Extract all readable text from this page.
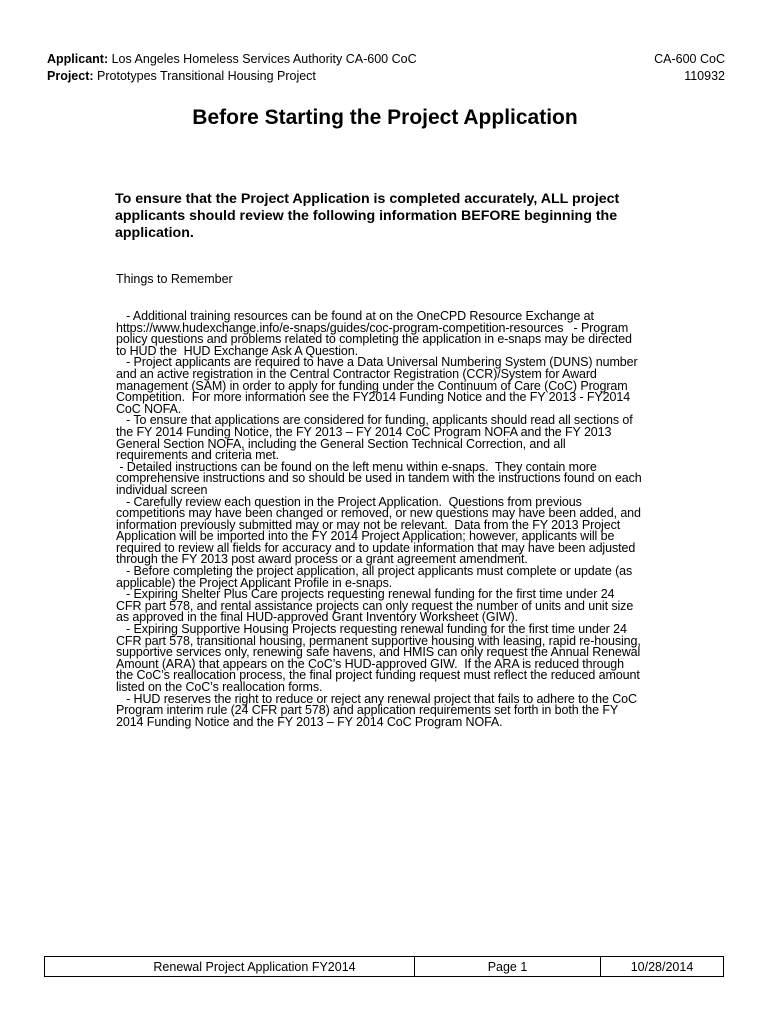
Applicant: Los Angeles Homeless Services Authority CA-600 CoC	CA-600 CoC
Project: Prototypes Transitional Housing Project	110932
Before Starting the Project Application
To ensure that the Project Application is completed accurately, ALL project applicants should review the following information BEFORE beginning the application.
Things to Remember
- Additional training resources can be found at on the OneCPD Resource Exchange at
https://www.hudexchange.info/e-snaps/guides/coc-program-competition-resources   - Program
policy questions and problems related to completing the application in e-snaps may be directed
to HUD the  HUD Exchange Ask A Question.
- Project applicants are required to have a Data Universal Numbering System (DUNS) number
and an active registration in the Central Contractor Registration (CCR)/System for Award
management (SAM) in order to apply for funding under the Continuum of Care (CoC) Program
Competition.  For more information see the FY2014 Funding Notice and the FY 2013 - FY2014
CoC NOFA.
- To ensure that applications are considered for funding, applicants should read all sections of
the FY 2014 Funding Notice, the FY 2013 – FY 2014 CoC Program NOFA and the FY 2013
General Section NOFA, including the General Section Technical Correction, and all
requirements and criteria met.
- Detailed instructions can be found on the left menu within e-snaps.  They contain more
comprehensive instructions and so should be used in tandem with the instructions found on each
individual screen
- Carefully review each question in the Project Application.  Questions from previous
competitions may have been changed or removed, or new questions may have been added, and
information previously submitted may or may not be relevant.  Data from the FY 2013 Project
Application will be imported into the FY 2014 Project Application; however, applicants will be
required to review all fields for accuracy and to update information that may have been adjusted
through the FY 2013 post award process or a grant agreement amendment.
- Before completing the project application, all project applicants must complete or update (as
applicable) the Project Applicant Profile in e-snaps.
- Expiring Shelter Plus Care projects requesting renewal funding for the first time under 24
CFR part 578, and rental assistance projects can only request the number of units and unit size
as approved in the final HUD-approved Grant Inventory Worksheet (GIW).
- Expiring Supportive Housing Projects requesting renewal funding for the first time under 24
CFR part 578, transitional housing, permanent supportive housing with leasing, rapid re-housing,
supportive services only, renewing safe havens, and HMIS can only request the Annual Renewal
Amount (ARA) that appears on the CoC’s HUD-approved GIW.  If the ARA is reduced through
the CoC’s reallocation process, the final project funding request must reflect the reduced amount
listed on the CoC’s reallocation forms.
- HUD reserves the right to reduce or reject any renewal project that fails to adhere to the CoC
Program interim rule (24 CFR part 578) and application requirements set forth in both the FY
2014 Funding Notice and the FY 2013 – FY 2014 CoC Program NOFA.
Renewal Project Application FY2014	Page 1	10/28/2014
